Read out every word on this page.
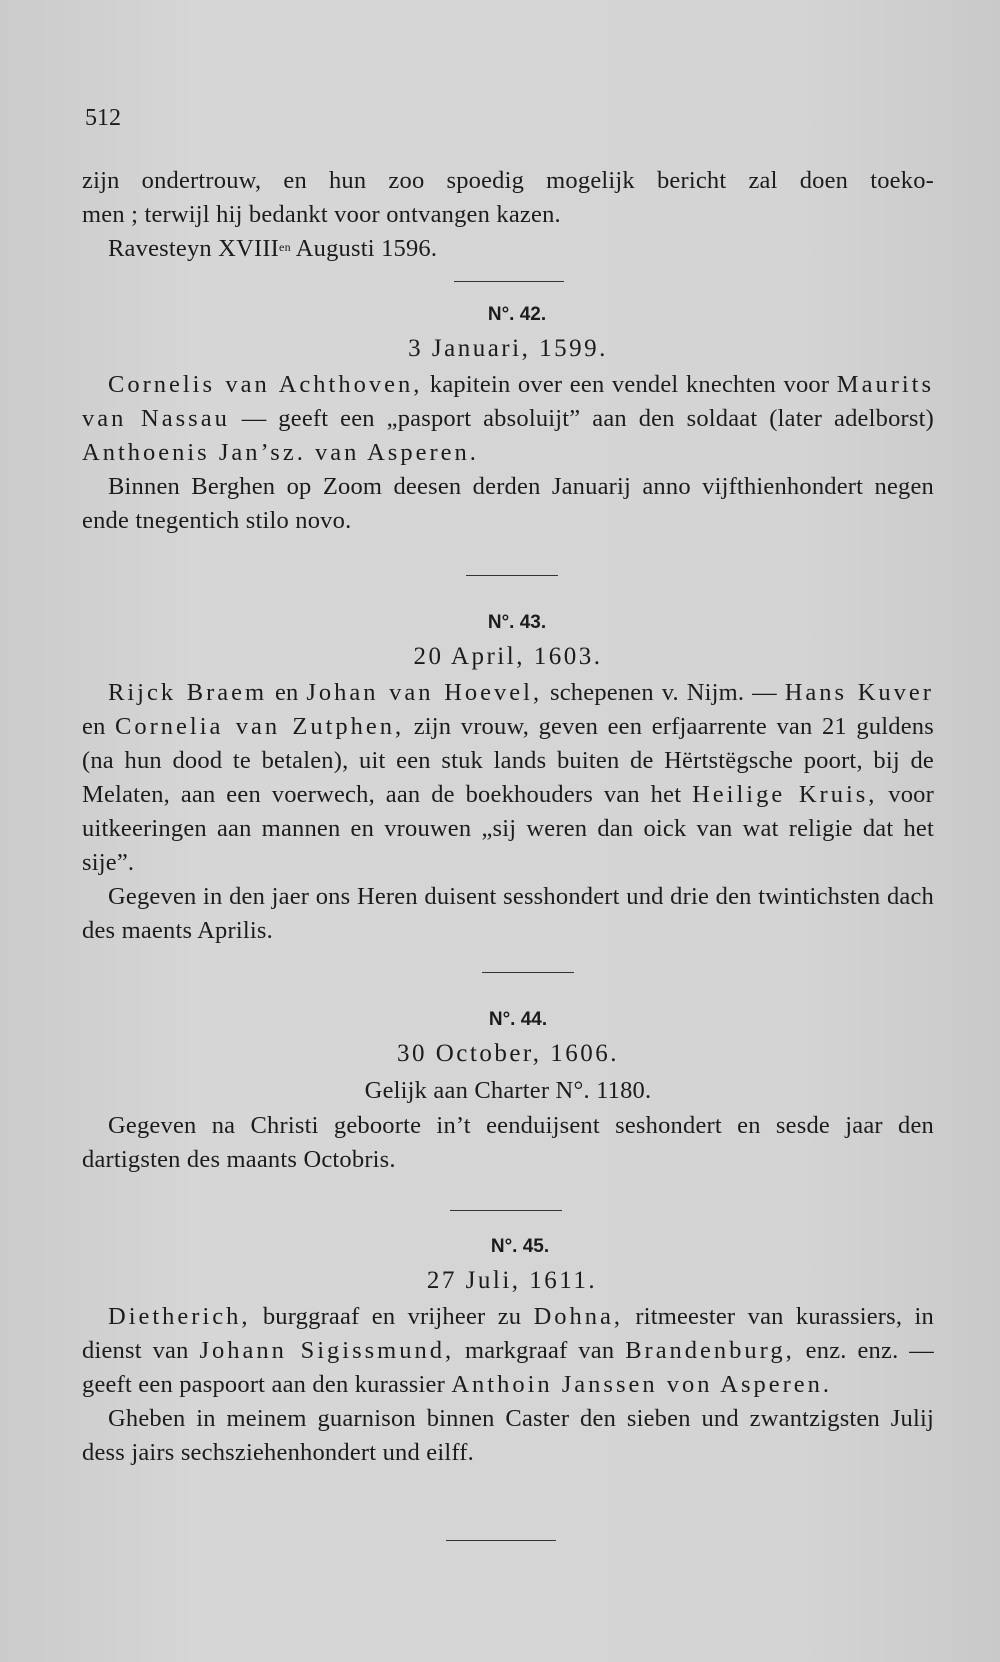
512

zijn ondertrouw, en hun zoo spoedig mogelijk bericht zal doen toeko-

men ; terwijl hij bedankt voor ontvangen kazen.

Ravesteyn $XVIII^{en}$ Augusti 1596.

N°. 42.
3 Januari, 1599.

Cornelis van Achthoven, kapitein over een vendel knechten voor Maurits van Nassau — geeft een „pasport absoluijt” aan den soldaat (later adelborst) Anthoenis Jan’sz. van Asperen.

Binnen Berghen op Zoom deesen derden Januarij anno vijfthienhondert negen ende tnegentich stilo novo.

N°. 43.
20 April, 1603.

Rijck Braem en Johan van Hoevel, schepenen v. Nijm. — Hans Kuver en Cornelia van Zutphen, zijn vrouw, geven een erfjaarrente van 21 guldens (na hun dood te betalen), uit een stuk lands buiten de Hërtstëgsche poort, bij de Melaten, aan een voerwech, aan de boekhouders van het Heilige Kruis, voor uitkeeringen aan mannen en vrouwen „sij weren dan oick van wat religie dat het sije”.

Gegeven in den jaer ons Heren duisent sesshondert und drie den twintichsten dach des maents Aprilis.

N°. 44.
30 October, 1606.
Gelijk aan Charter N°. 1180.

Gegeven na Christi geboorte in’t eenduijsent seshondert en sesde jaar den dartigsten des maants Octobris.

N°. 45.
27 Juli, 1611.

Dietherich, burggraaf en vrijheer zu Dohna, ritmeester van kurassiers, in dienst van Johann Sigissmund, markgraaf van Brandenburg, enz. enz. — geeft een paspoort aan den kurassier Anthoin Janssen von Asperen.

Gheben in meinem guarnison binnen Caster den sieben und zwantzigsten Julij dess jairs sechsziehenhondert und eilff.
